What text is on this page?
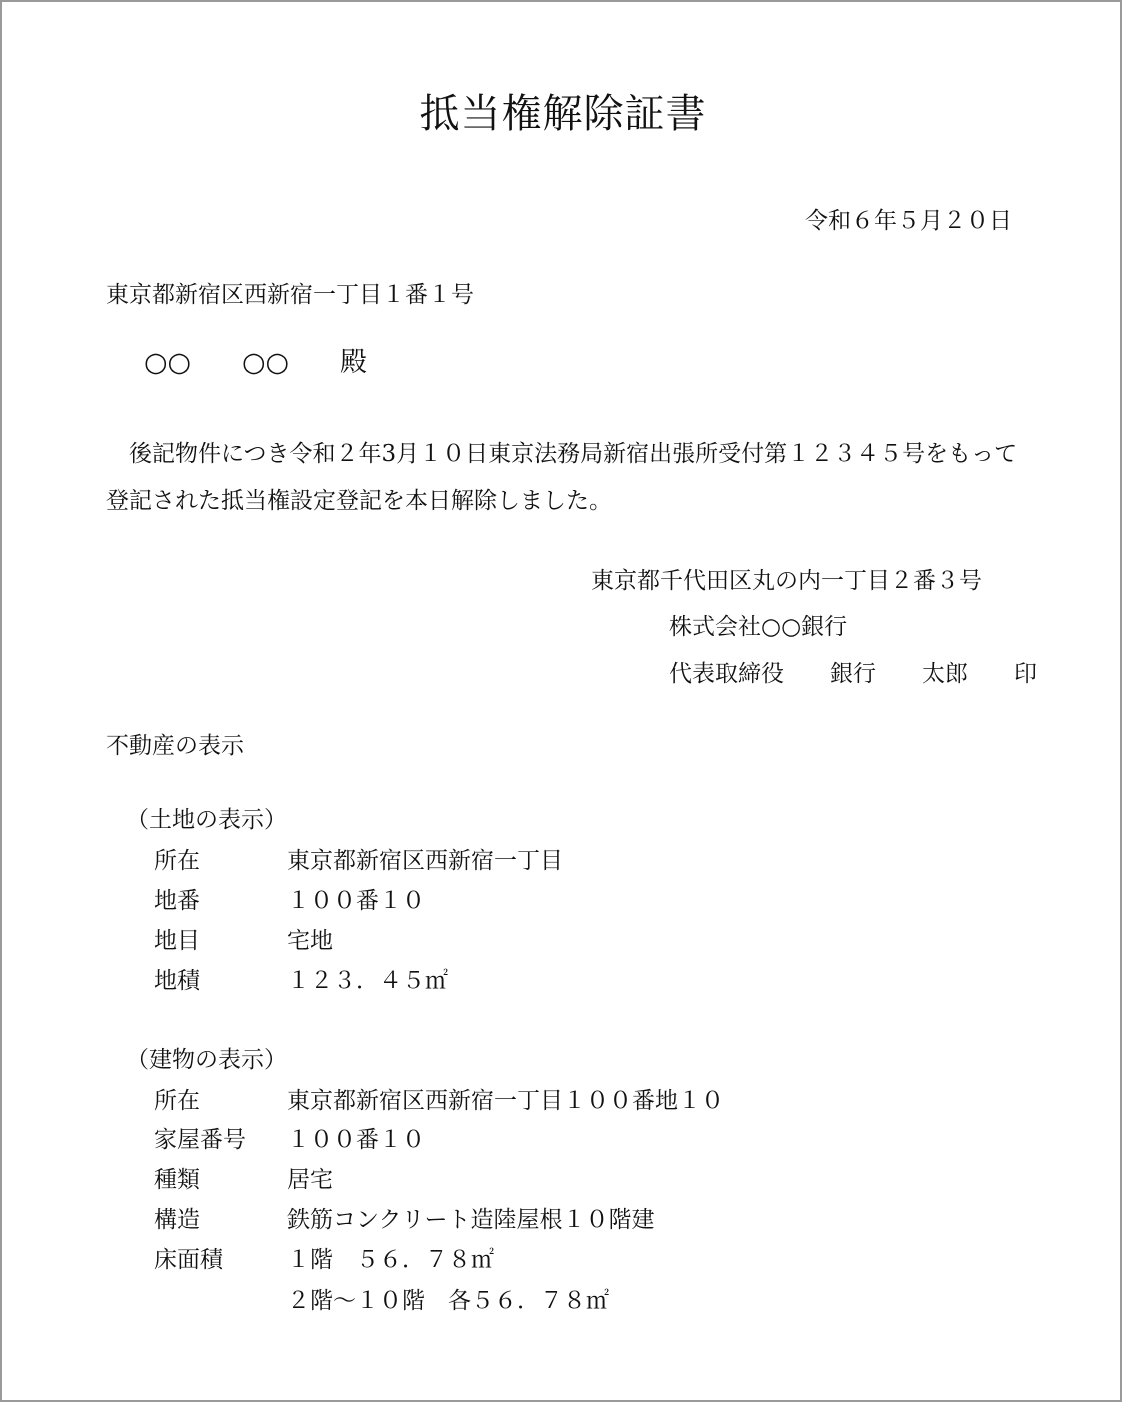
抵当権解除証書
令和６年５月２０日
東京都新宿区西新宿一丁目１番１号
○○ ○○ 殿
　後記物件につき令和２年3月１０日東京法務局新宿出張所受付第１２３４５号をもって
登記された抵当権設定登記を本日解除しました。
東京都千代田区丸の内一丁目２番３号
株式会社○○銀行
代表取締役　　銀行　　太郎　　印
不動産の表示
（土地の表示）
所在	東京都新宿区西新宿一丁目
地番	１００番１０
地目	宅地
地積	１２３．４５㎡
（建物の表示）
所在	東京都新宿区西新宿一丁目１００番地１０
家屋番号 １００番１０
種類	居宅
構造	鉄筋コンクリート造陸屋根１０階建
床面積	１階　５６．７８㎡
２階～１０階　各５６．７８㎡
